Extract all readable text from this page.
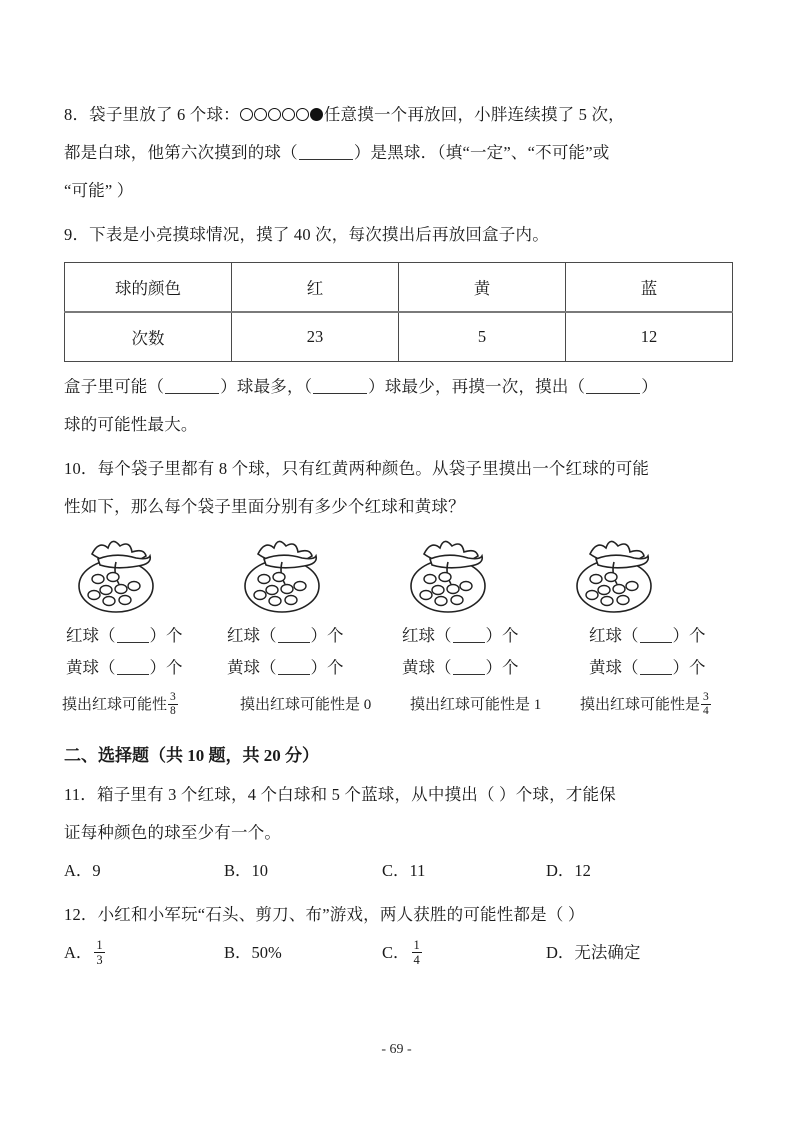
8．袋子里放了 6 个球：	任意摸一个再放回，小胖连续摸了 5 次，
都是白球，他第六次摸到的球（	）是黑球．（填“一定”、“不可能”或
“可能” ）
9．下表是小亮摸球情况，摸了 40 次，每次摸出后再放回盒子内。
球的颜色	红	黄	蓝
次数	23	5	12
盒子里可能（	）球最多，（	）球最少，再摸一次，摸出（	）
球的可能性最大。
10．每个袋子里都有 8 个球，只有红黄两种颜色。从袋子里摸出一个红球的可能
性如下，那么每个袋子里面分别有多少个红球和黄球？
红球（ ）个	红球（ ）个	红球（ ）个	红球（ ）个
黄球（ ）个	黄球（ ）个	黄球（ ）个	黄球（ ）个
摸出红球可能性 $\frac{3}{8}$	摸出红球可能性是 0	摸出红球可能性是 1	摸出红球可能性是 $\frac{3}{4}$
二、选择题（共 10 题，共 20 分）
11．箱子里有 3 个红球，4 个白球和 5 个蓝球，从中摸出（ ）个球，才能保
证每种颜色的球至少有一个。
A．9	B．10	C．11	D．12
12．小红和小军玩“石头、剪刀、布”游戏，两人获胜的可能性都是（ ）
A． $\frac{1}{3}$	B．50%	C． $\frac{1}{4}$	D．无法确定
- 69 -
